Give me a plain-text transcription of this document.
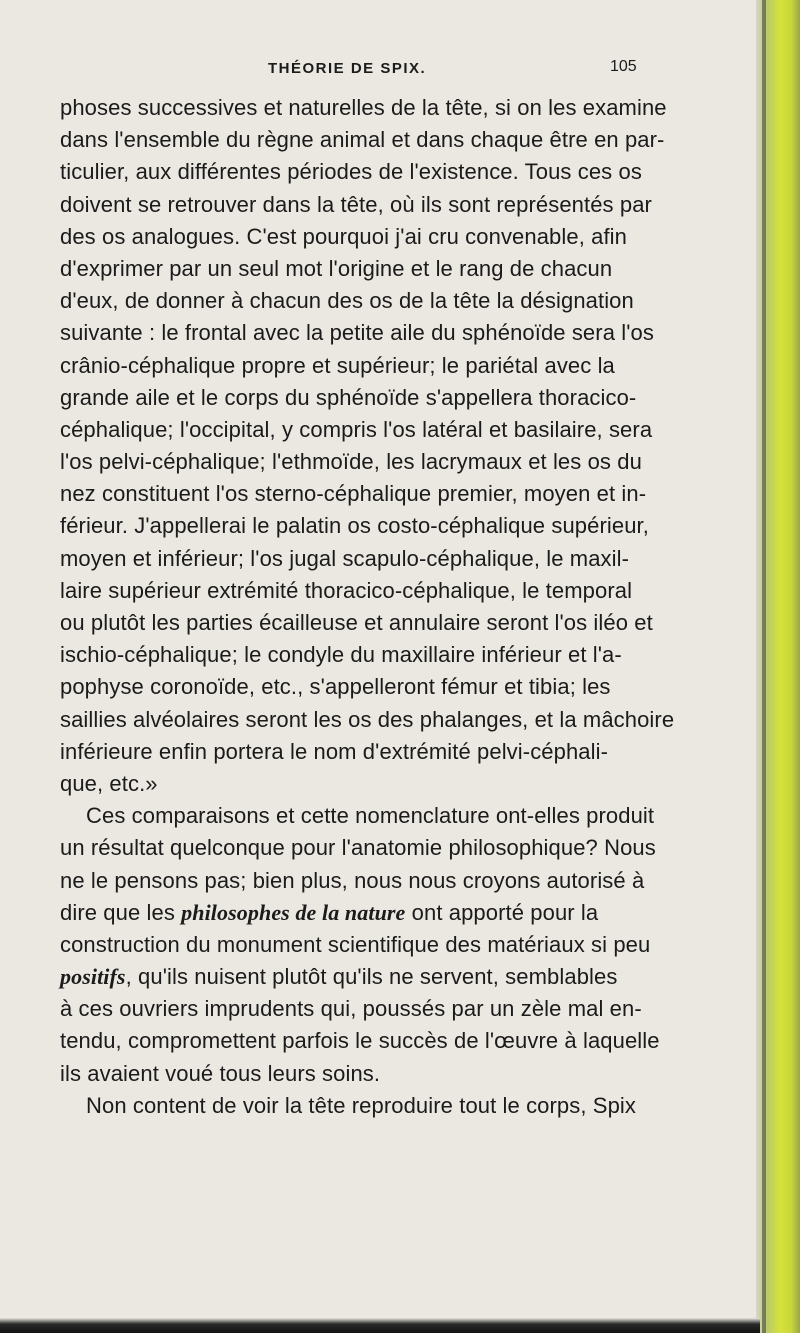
THÉORIE DE SPIX.	105
phoses successives et naturelles de la tête, si on les examine
dans l'ensemble du règne animal et dans chaque être en par-
ticulier, aux différentes périodes de l'existence. Tous ces os
doivent se retrouver dans la tête, où ils sont représentés par
des os analogues. C'est pourquoi j'ai cru convenable, afin
d'exprimer par un seul mot l'origine et le rang de chacun
d'eux, de donner à chacun des os de la tête la désignation
suivante : le frontal avec la petite aile du sphénoïde sera l'os
crânio-céphalique propre et supérieur; le pariétal avec la
grande aile et le corps du sphénoïde s'appellera thoracico-
céphalique; l'occipital, y compris l'os latéral et basilaire, sera
l'os pelvi-céphalique; l'ethmoïde, les lacrymaux et les os du
nez constituent l'os sterno-céphalique premier, moyen et in-
férieur. J'appellerai le palatin os costo-céphalique supérieur,
moyen et inférieur; l'os jugal scapulo-céphalique, le maxil-
laire supérieur extrémité thoracico-céphalique, le temporal
ou plutôt les parties écailleuse et annulaire seront l'os iléo et
ischio-céphalique; le condyle du maxillaire inférieur et l'a-
pophyse coronoïde, etc., s'appelleront fémur et tibia; les
saillies alvéolaires seront les os des phalanges, et la mâchoire
inférieure enfin portera le nom d'extrémité pelvi-céphali-
que, etc.»
Ces comparaisons et cette nomenclature ont-elles produit
un résultat quelconque pour l'anatomie philosophique? Nous
ne le pensons pas; bien plus, nous nous croyons autorisé à
dire que les philosophes de la nature ont apporté pour la
construction du monument scientifique des matériaux si peu
positifs, qu'ils nuisent plutôt qu'ils ne servent, semblables
à ces ouvriers imprudents qui, poussés par un zèle mal en-
tendu, compromettent parfois le succès de l'œuvre à laquelle
ils avaient voué tous leurs soins.
Non content de voir la tête reproduire tout le corps, Spix
